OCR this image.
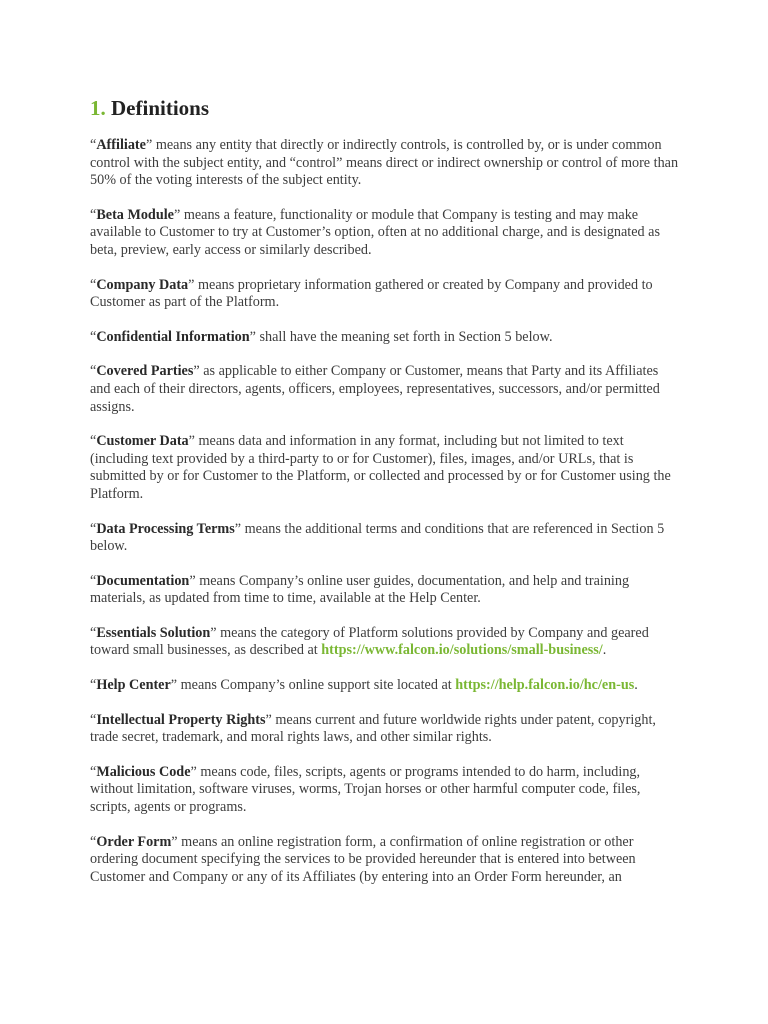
1. Definitions

“Affiliate” means any entity that directly or indirectly controls, is controlled by, or is under common control with the subject entity, and “control” means direct or indirect ownership or control of more than 50% of the voting interests of the subject entity.

“Beta Module” means a feature, functionality or module that Company is testing and may make available to Customer to try at Customer’s option, often at no additional charge, and is designated as beta, preview, early access or similarly described.

“Company Data” means proprietary information gathered or created by Company and provided to Customer as part of the Platform.

“Confidential Information” shall have the meaning set forth in Section 5 below.

“Covered Parties” as applicable to either Company or Customer, means that Party and its Affiliates and each of their directors, agents, officers, employees, representatives, successors, and/or permitted assigns.

“Customer Data” means data and information in any format, including but not limited to text (including text provided by a third-party to or for Customer), files, images, and/or URLs, that is submitted by or for Customer to the Platform, or collected and processed by or for Customer using the Platform.

“Data Processing Terms” means the additional terms and conditions that are referenced in Section 5 below.

“Documentation” means Company’s online user guides, documentation, and help and training materials, as updated from time to time, available at the Help Center.

“Essentials Solution” means the category of Platform solutions provided by Company and geared toward small businesses, as described at https://www.falcon.io/solutions/small-business/.

“Help Center” means Company’s online support site located at https://help.falcon.io/hc/en-us.

“Intellectual Property Rights” means current and future worldwide rights under patent, copyright, trade secret, trademark, and moral rights laws, and other similar rights.

“Malicious Code” means code, files, scripts, agents or programs intended to do harm, including, without limitation, software viruses, worms, Trojan horses or other harmful computer code, files, scripts, agents or programs.

“Order Form” means an online registration form, a confirmation of online registration or other ordering document specifying the services to be provided hereunder that is entered into between Customer and Company or any of its Affiliates (by entering into an Order Form hereunder, an
